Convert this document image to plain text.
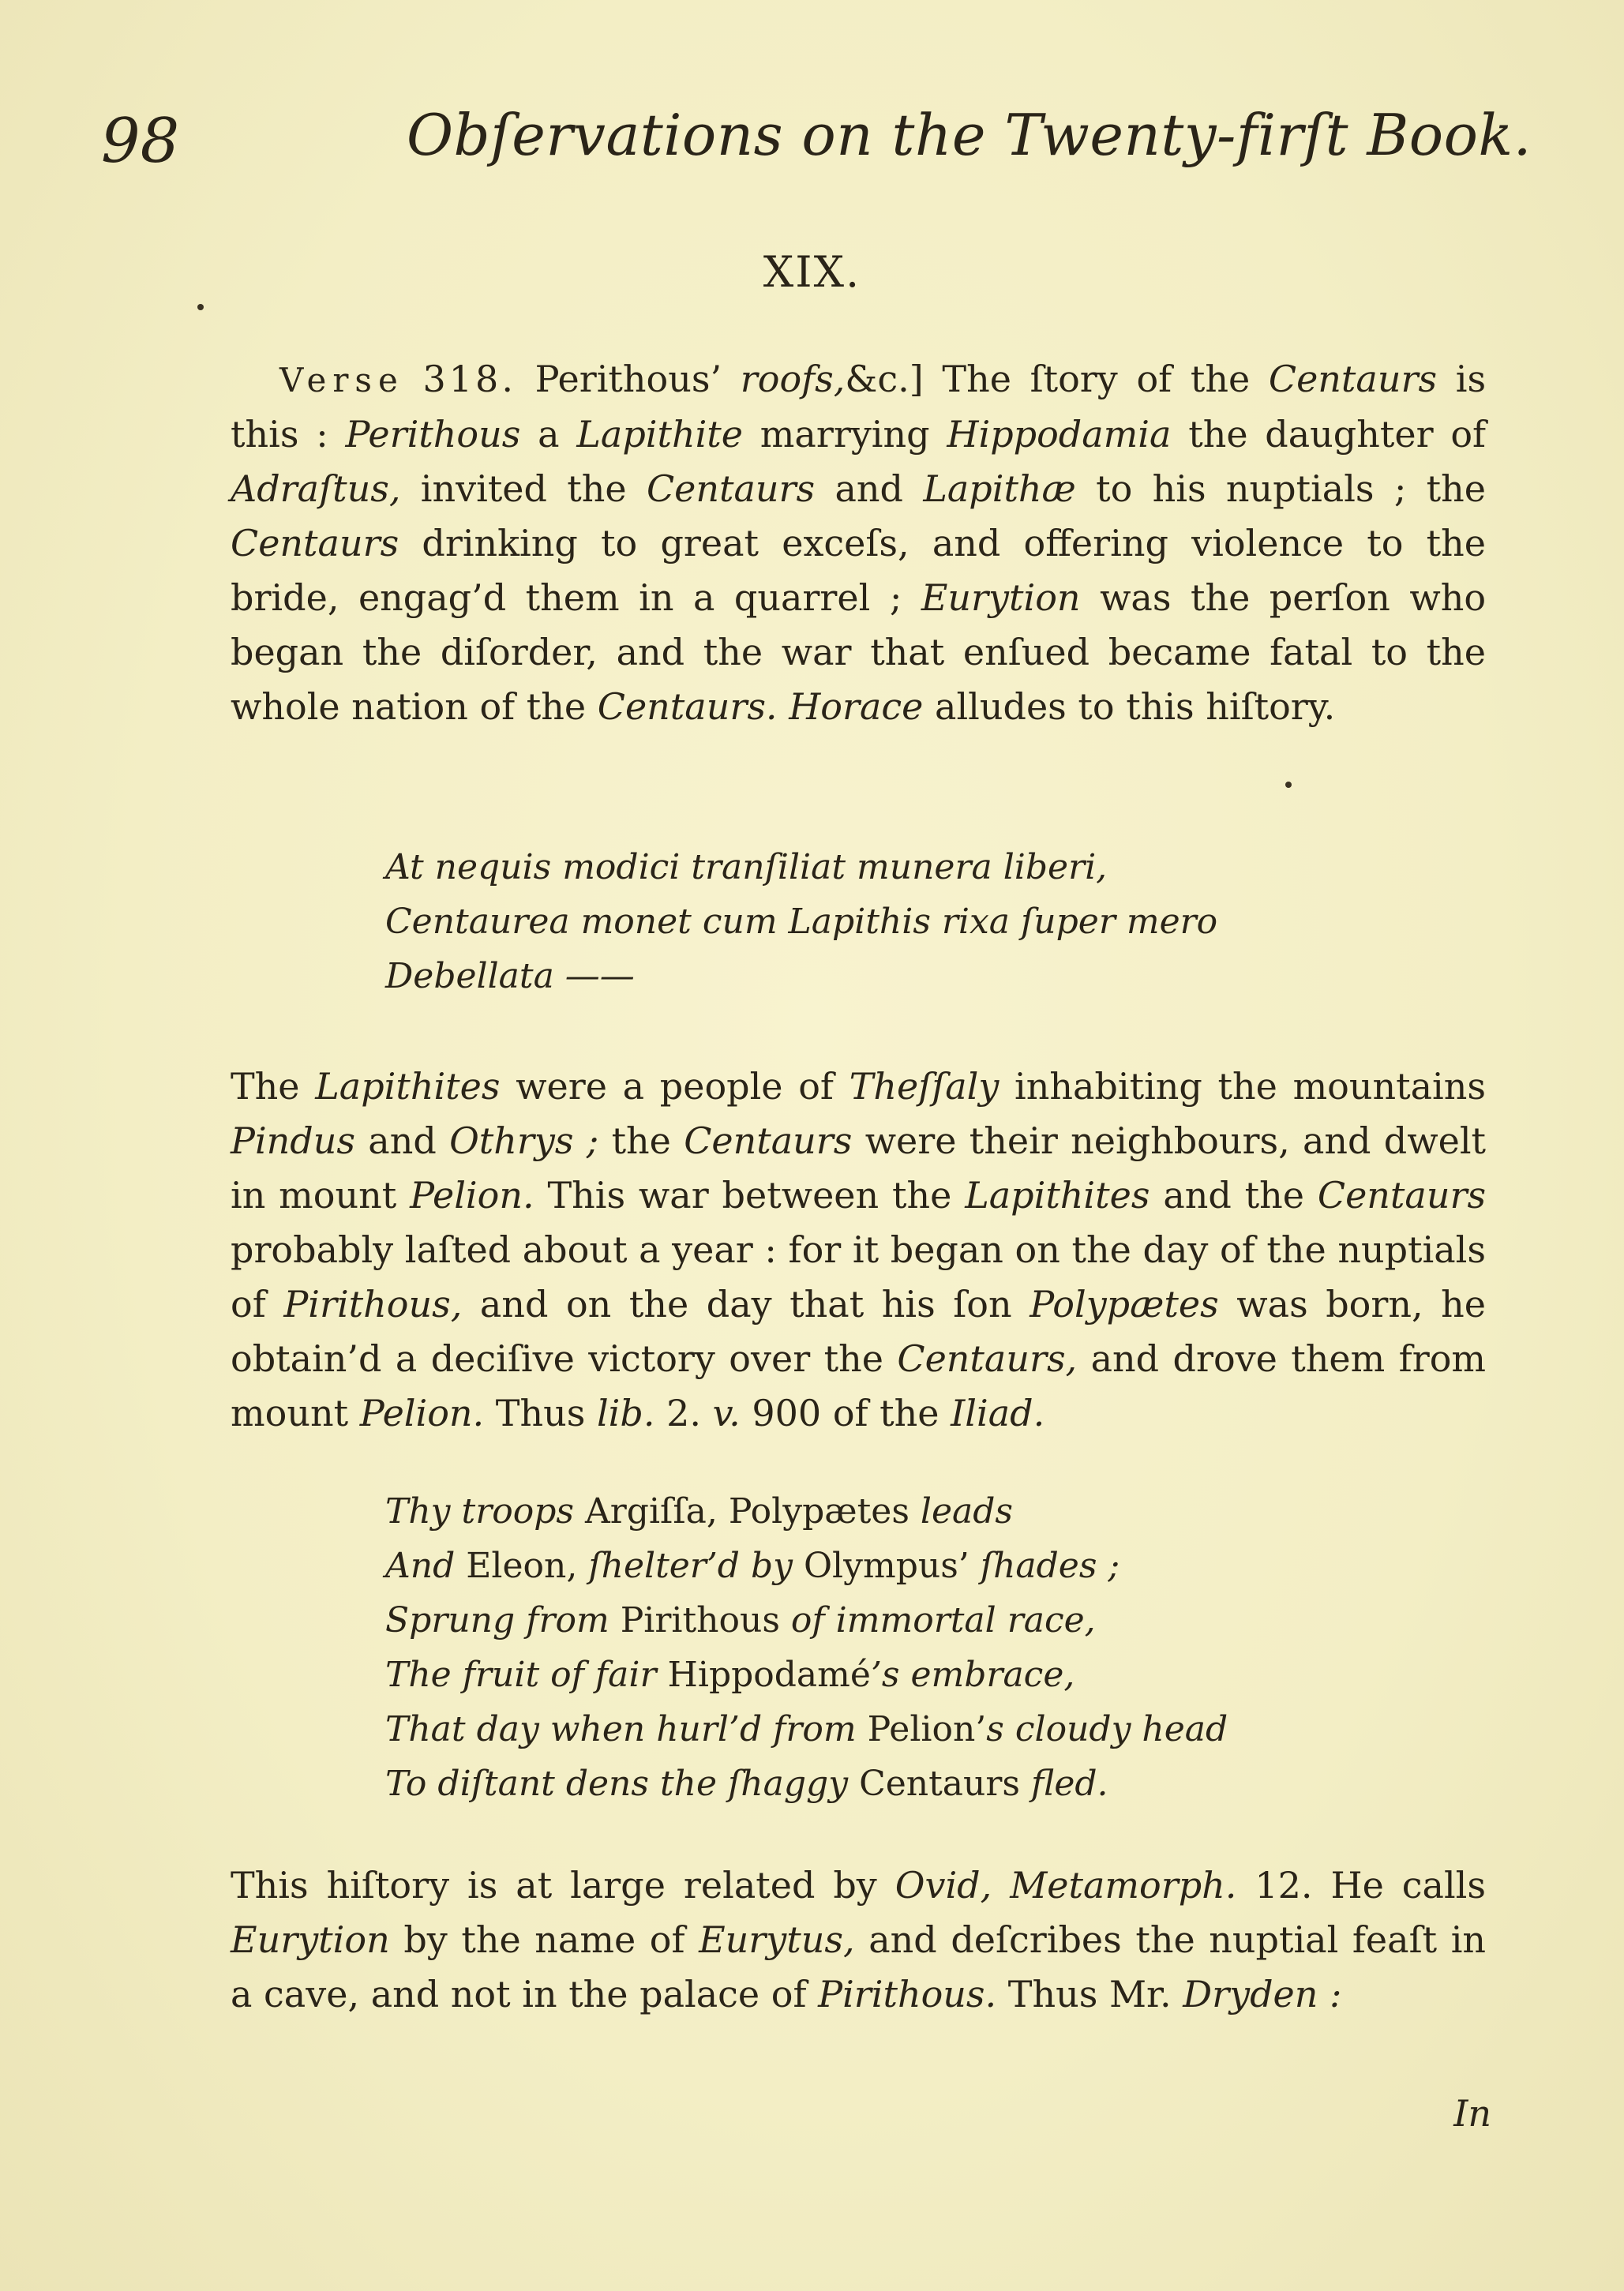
98	Obſervations on the Twenty-firſt Book.
XIX.
Verse 318. Perithous’ roofs,&c.] The ſtory of the Centaurs is this : Perithous a Lapithite marrying Hippodamia the daughter of Adraſtus, invited the Centaurs and Lapithæ to his nuptials ; the Centaurs drinking to great exceſs, and offering violence to the bride, engag’d them in a quarrel ; Eurytion was the perſon who began the diſorder, and the war that enſued became fatal to the whole nation of the Centaurs. Horace alludes to this hiſtory.
At nequis modici tranſiliat munera liberi,
Centaurea monet cum Lapithis rixa ſuper mero
Debellata ——
The Lapithites were a people of Theſſaly inhabiting the mountains Pindus and Othrys ; the Centaurs were their neighbours, and dwelt in mount Pelion. This war between the Lapithites and the Centaurs probably laſted about a year : for it began on the day of the nuptials of Pirithous, and on the day that his ſon Polypætes was born, he obtain’d a deciſive victory over the Centaurs, and drove them from mount Pelion. Thus lib. 2. v. 900 of the Iliad.
Thy troops Argiſſa, Polypætes leads
And Eleon, ſhelter’d by Olympus’ ſhades ;
Sprung from Pirithous of immortal race,
The fruit of fair Hippodamé’s embrace,
That day when hurl’d from Pelion’s cloudy head
To diſtant dens the ſhaggy Centaurs fled.
This hiſtory is at large related by Ovid, Metamorph. 12. He calls Eurytion by the name of Eurytus, and deſcribes the nuptial feaſt in a cave, and not in the palace of Pirithous. Thus Mr. Dryden :
In
